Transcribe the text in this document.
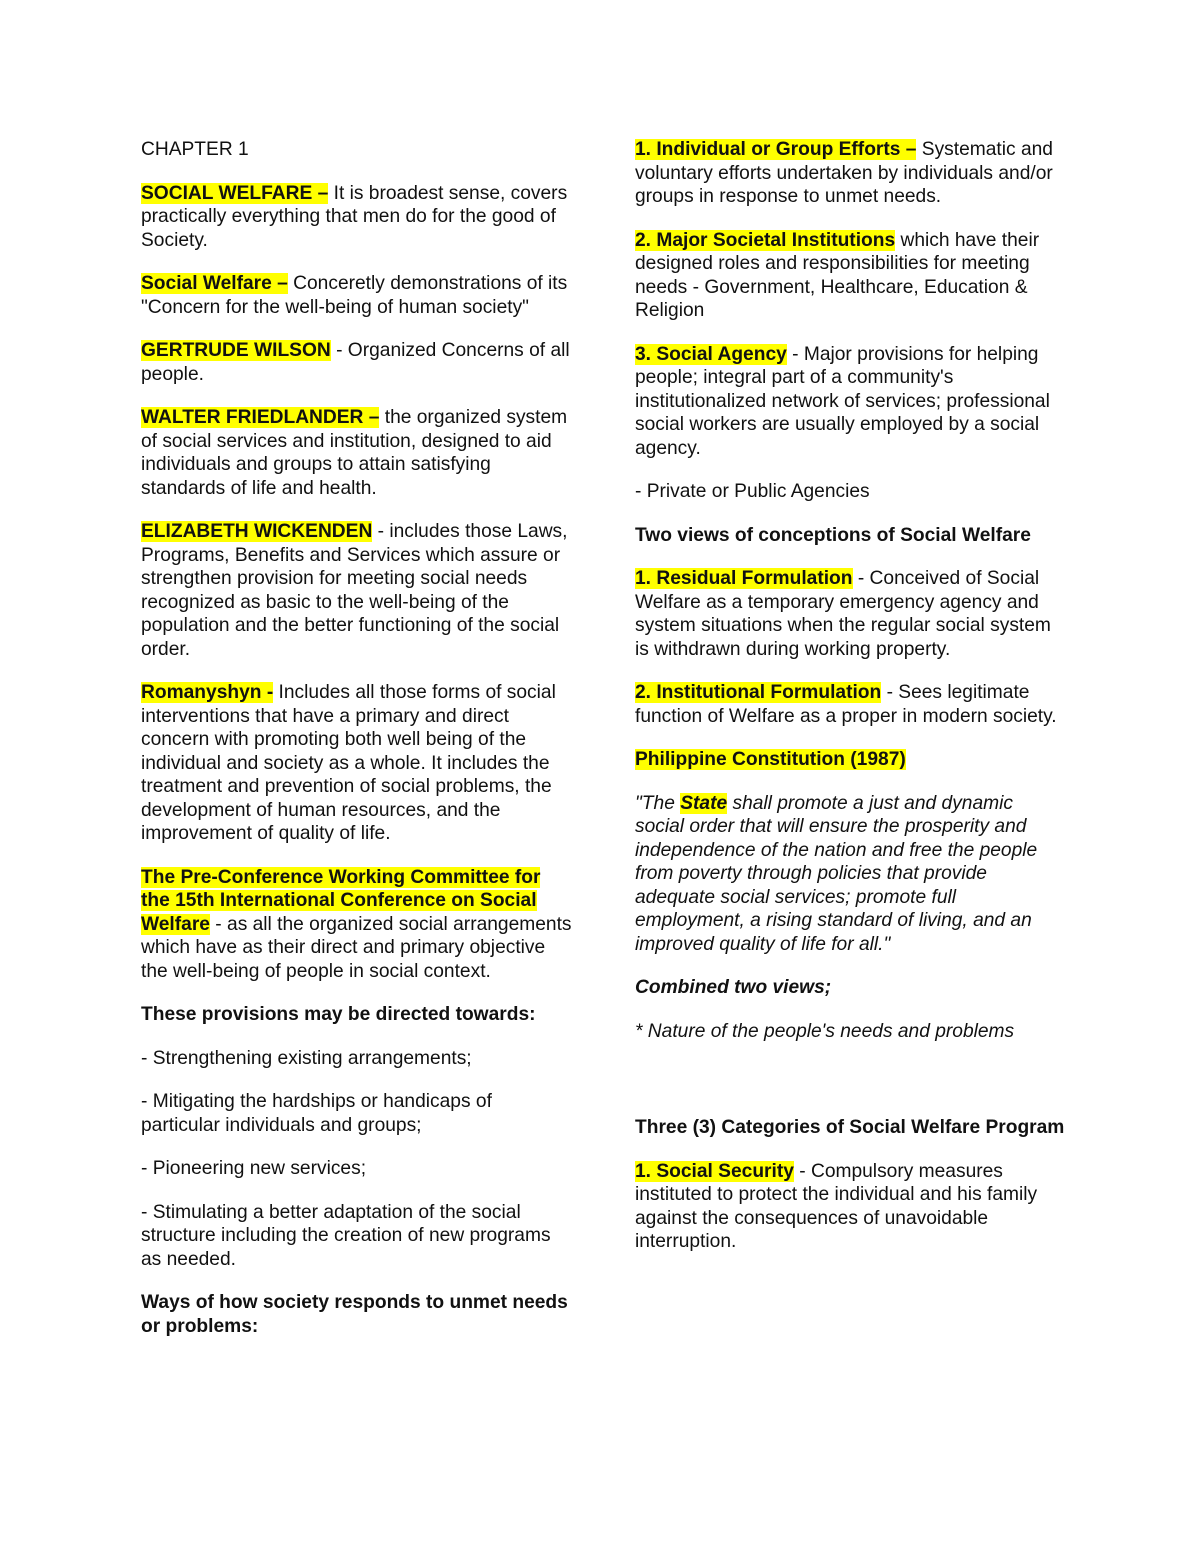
CHAPTER 1

SOCIAL WELFARE – It is broadest sense, covers practically everything that men do for the good of Society.

Social Welfare – Conceretly demonstrations of its "Concern for the well-being of human society"

GERTRUDE WILSON - Organized Concerns of all people.

WALTER FRIEDLANDER – the organized system of social services and institution, designed to aid individuals and groups to attain satisfying standards of life and health.

ELIZABETH WICKENDEN - includes those Laws, Programs, Benefits and Services which assure or strengthen provision for meeting social needs recognized as basic to the well-being of the population and the better functioning of the social order.

Romanyshyn - Includes all those forms of social interventions that have a primary and direct concern with promoting both well being of the individual and society as a whole. It includes the treatment and prevention of social problems, the development of human resources, and the improvement of quality of life.

The Pre-Conference Working Committee for the 15th International Conference on Social Welfare - as all the organized social arrangements which have as their direct and primary objective the well-being of people in social context.

These provisions may be directed towards:

- Strengthening existing arrangements;

- Mitigating the hardships or handicaps of particular individuals and groups;

- Pioneering new services;

- Stimulating a better adaptation of the social structure including the creation of new programs as needed.

Ways of how society responds to unmet needs or problems:

1. Individual or Group Efforts – Systematic and voluntary efforts undertaken by individuals and/or groups in response to unmet needs.

2. Major Societal Institutions which have their designed roles and responsibilities for meeting needs - Government, Healthcare, Education & Religion

3. Social Agency - Major provisions for helping people; integral part of a community's institutionalized network of services; professional social workers are usually employed by a social agency.

- Private or Public Agencies

Two views of conceptions of Social Welfare

1. Residual Formulation - Conceived of Social Welfare as a temporary emergency agency and system situations when the regular social system is withdrawn during working property.

2. Institutional Formulation - Sees legitimate function of Welfare as a proper in modern society.

Philippine Constitution (1987)

"The State shall promote a just and dynamic social order that will ensure the prosperity and independence of the nation and free the people from poverty through policies that provide adequate social services; promote full employment, a rising standard of living, and an improved quality of life for all."

Combined two views;

* Nature of the people's needs and problems

Three (3) Categories of Social Welfare Program

1. Social Security - Compulsory measures instituted to protect the individual and his family against the consequences of unavoidable interruption.
